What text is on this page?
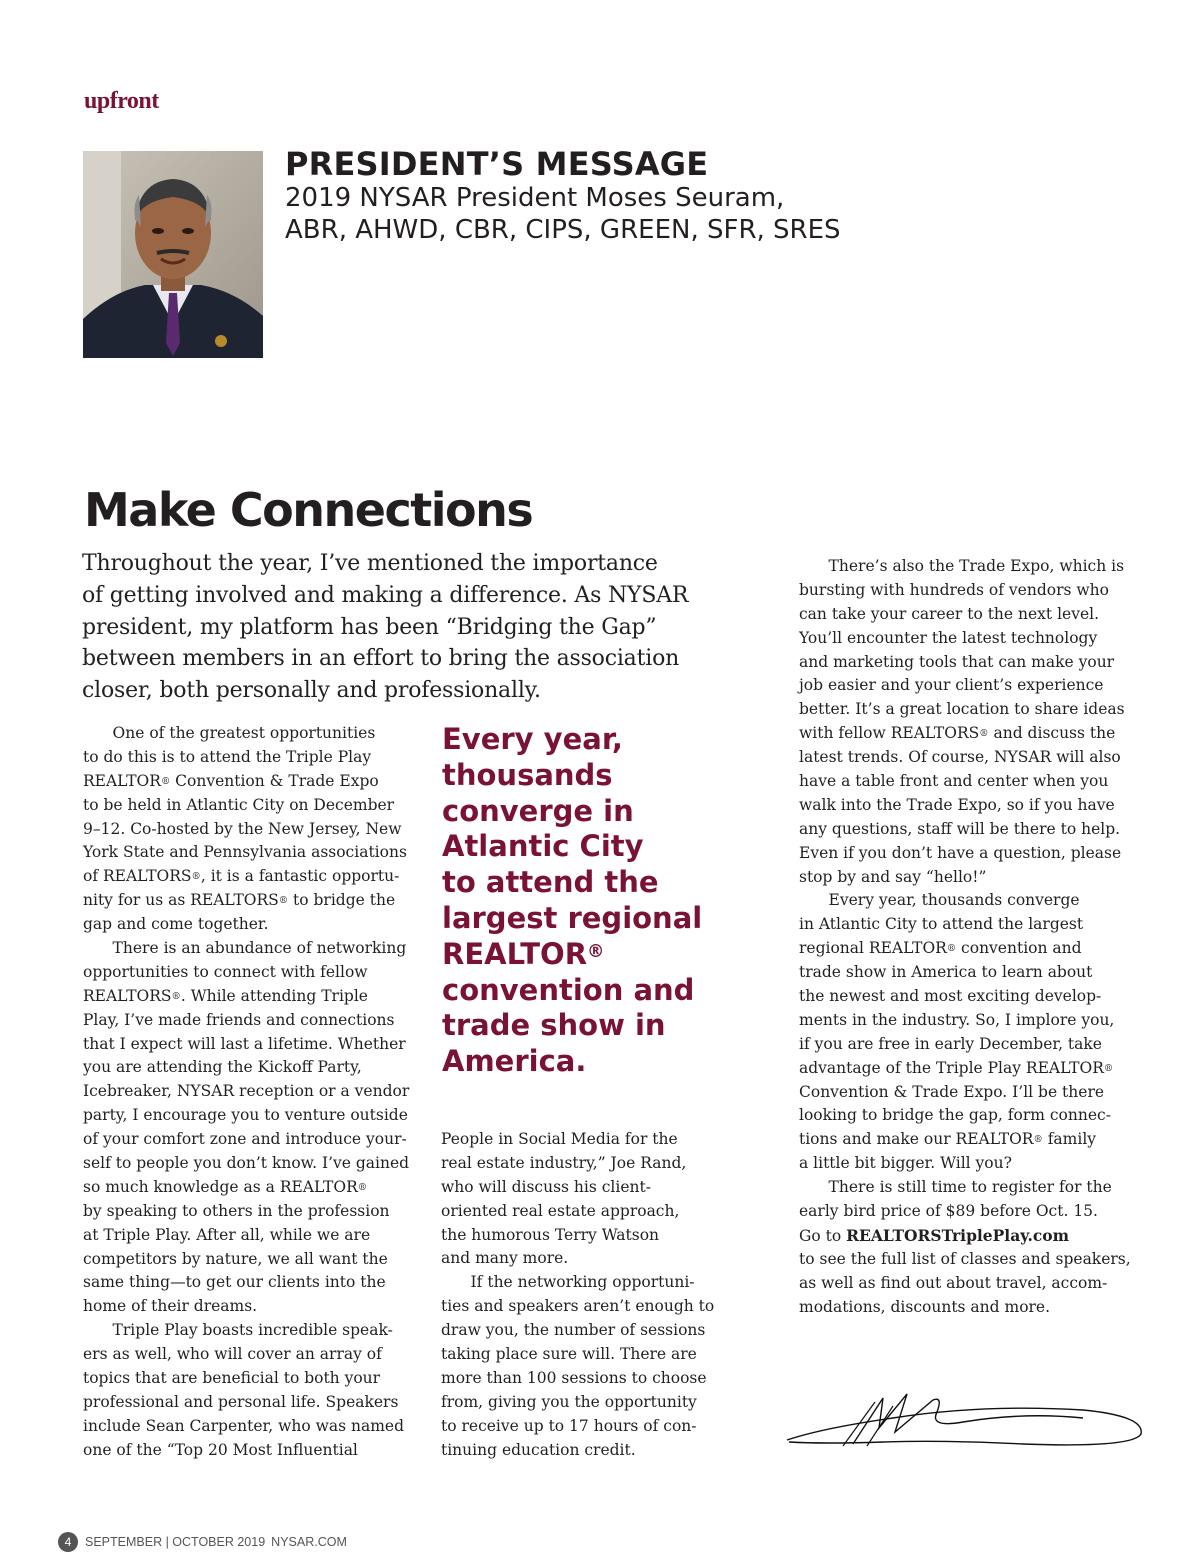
upfront
PRESIDENT’S MESSAGE
2019 NYSAR President Moses Seuram,
ABR, AHWD, CBR, CIPS, GREEN, SFR, SRES
Make Connections
Throughout the year, I’ve mentioned the importance
of getting involved and making a difference. As NYSAR
president, my platform has been “Bridging the Gap”
between members in an effort to bring the association
closer, both personally and professionally.
One of the greatest opportunities
to do this is to attend the Triple Play
REALTOR® Convention & Trade Expo
to be held in Atlantic City on December
9–12. Co-hosted by the New Jersey, New
York State and Pennsylvania associations
of REALTORS®, it is a fantastic opportu-
nity for us as REALTORS® to bridge the
gap and come together.
There is an abundance of networking
opportunities to connect with fellow
REALTORS®. While attending Triple
Play, I’ve made friends and connections
that I expect will last a lifetime. Whether
you are attending the Kickoff Party,
Icebreaker, NYSAR reception or a vendor
party, I encourage you to venture outside
of your comfort zone and introduce your-
self to people you don’t know. I’ve gained
so much knowledge as a REALTOR®
by speaking to others in the profession
at Triple Play. After all, while we are
competitors by nature, we all want the
same thing—to get our clients into the
home of their dreams.
Triple Play boasts incredible speak-
ers as well, who will cover an array of
topics that are beneficial to both your
professional and personal life. Speakers
include Sean Carpenter, who was named
one of the “Top 20 Most Influential
Every year,
thousands
converge in
Atlantic City
to attend the
largest regional
REALTOR®
convention and
trade show in
America.
People in Social Media for the
real estate industry,” Joe Rand,
who will discuss his client-
oriented real estate approach,
the humorous Terry Watson
and many more.
If the networking opportuni-
ties and speakers aren’t enough to
draw you, the number of sessions
taking place sure will. There are
more than 100 sessions to choose
from, giving you the opportunity
to receive up to 17 hours of con-
tinuing education credit.
There’s also the Trade Expo, which is
bursting with hundreds of vendors who
can take your career to the next level.
You’ll encounter the latest technology
and marketing tools that can make your
job easier and your client’s experience
better. It’s a great location to share ideas
with fellow REALTORS® and discuss the
latest trends. Of course, NYSAR will also
have a table front and center when you
walk into the Trade Expo, so if you have
any questions, staff will be there to help.
Even if you don’t have a question, please
stop by and say “hello!”
Every year, thousands converge
in Atlantic City to attend the largest
regional REALTOR® convention and
trade show in America to learn about
the newest and most exciting develop-
ments in the industry. So, I implore you,
if you are free in early December, take
advantage of the Triple Play REALTOR®
Convention & Trade Expo. I’ll be there
looking to bridge the gap, form connec-
tions and make our REALTOR® family
a little bit bigger. Will you?
There is still time to register for the
early bird price of $89 before Oct. 15.
Go to REALTORSTriplePlay.com
to see the full list of classes and speakers,
as well as find out about travel, accom-
modations, discounts and more.
4	SEPTEMBER | OCTOBER 2019 NYSAR.COM
